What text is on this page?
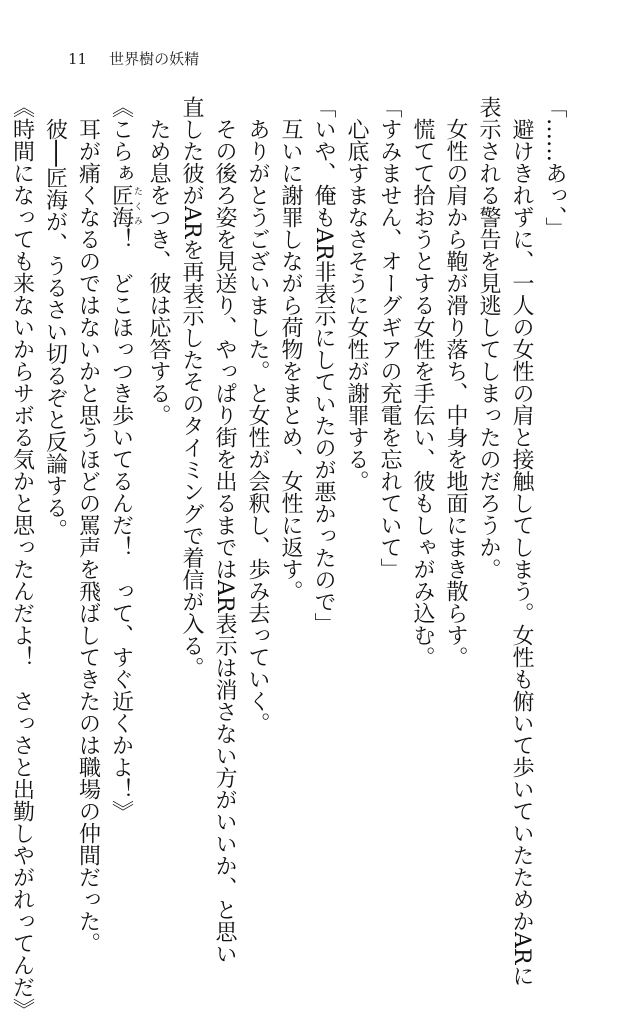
11 世界樹の妖精
「……あっ、」
避けきれずに、一人の女性の肩と接触してしまう。女性も俯いて歩いていたためかARに
表示される警告を見逃してしまったのだろうか。
女性の肩から鞄が滑り落ち、中身を地面にまき散らす。
慌てて拾おうとする女性を手伝い、彼もしゃがみ込む。
「すみません、オーグギアの充電を忘れていて」
心底すまなさそうに女性が謝罪する。
「いや、俺もAR非表示にしていたのが悪かったので」
互いに謝罪しながら荷物をまとめ、女性に返す。
ありがとうございました。と女性が会釈し、歩み去っていく。
その後ろ姿を見送り、やっぱり街を出るまではAR表示は消さない方がいいか、と思い
直した彼がARを再表示したそのタイミングで着信が入る。
ため息をつき、彼は応答する。
《こらぁ匠海たくみ！　どこほっつき歩いてるんだ！　って、すぐ近くかよ！》
耳が痛くなるのではないかと思うほどの罵声を飛ばしてきたのは職場の仲間だった。
彼──匠海が、うるさい切るぞと反論する。
《時間になっても来ないからサボる気かと思ったんだよ！　さっさと出勤しやがれってんだ》
